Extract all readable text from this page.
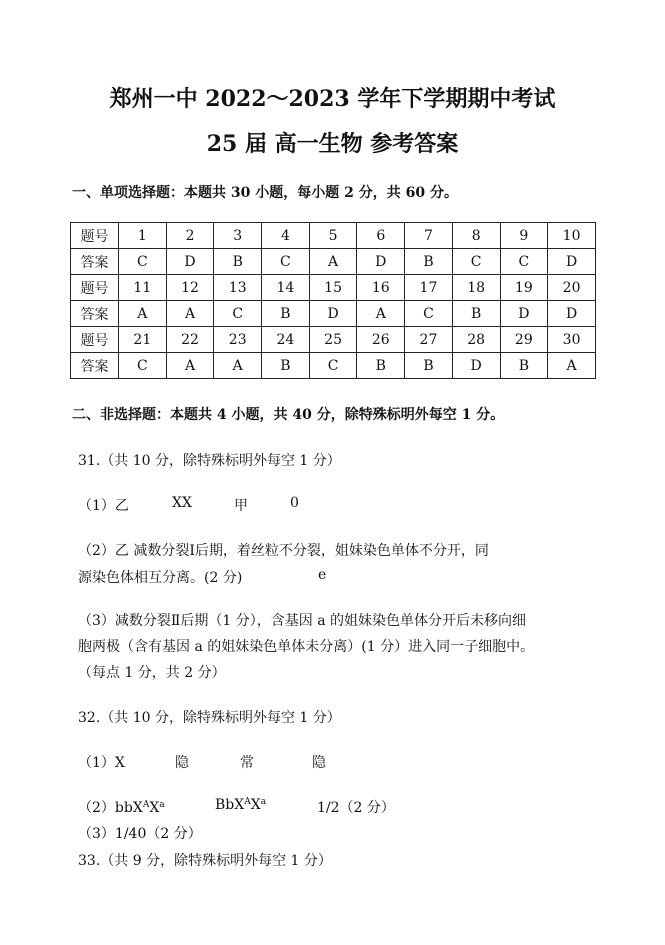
郑州一中 2022～2023 学年下学期期中考试
25 届 高一生物 参考答案
一、单项选择题：本题共 30 小题，每小题 2 分，共 60 分。
题号	1	2	3	4	5	6	7	8	9	10
答案	C	D	B	C	A	D	B	C	C	D
题号	11	12	13	14	15	16	17	18	19	20
答案	A	A	C	B	D	A	C	B	D	D
题号	21	22	23	24	25	26	27	28	29	30
答案	C	A	A	B	C	B	B	D	B	A
二、非选择题：本题共 4 小题，共 40 分，除特殊标明外每空 1 分。
31.（共 10 分，除特殊标明外每空 1 分）
（1）乙	XX	甲	0
（2）乙 减数分裂Ⅰ后期，着丝粒不分裂，姐妹染色单体不分开，同
源染色体相互分离。(2 分)	e
（3）减数分裂Ⅱ后期（1 分），含基因 a 的姐妹染色单体分开后未移向细
胞两极（含有基因 a 的姐妹染色单体未分离）(1 分）进入同一子细胞中。
（每点 1 分，共 2 分）
32.（共 10 分，除特殊标明外每空 1 分）
（1）X	隐	常	隐
$(2)bbX^AX^a$	$BbX^AX^a$	1/2（2 分）
（3）1/40（2 分）
33.（共 9 分，除特殊标明外每空 1 分）
